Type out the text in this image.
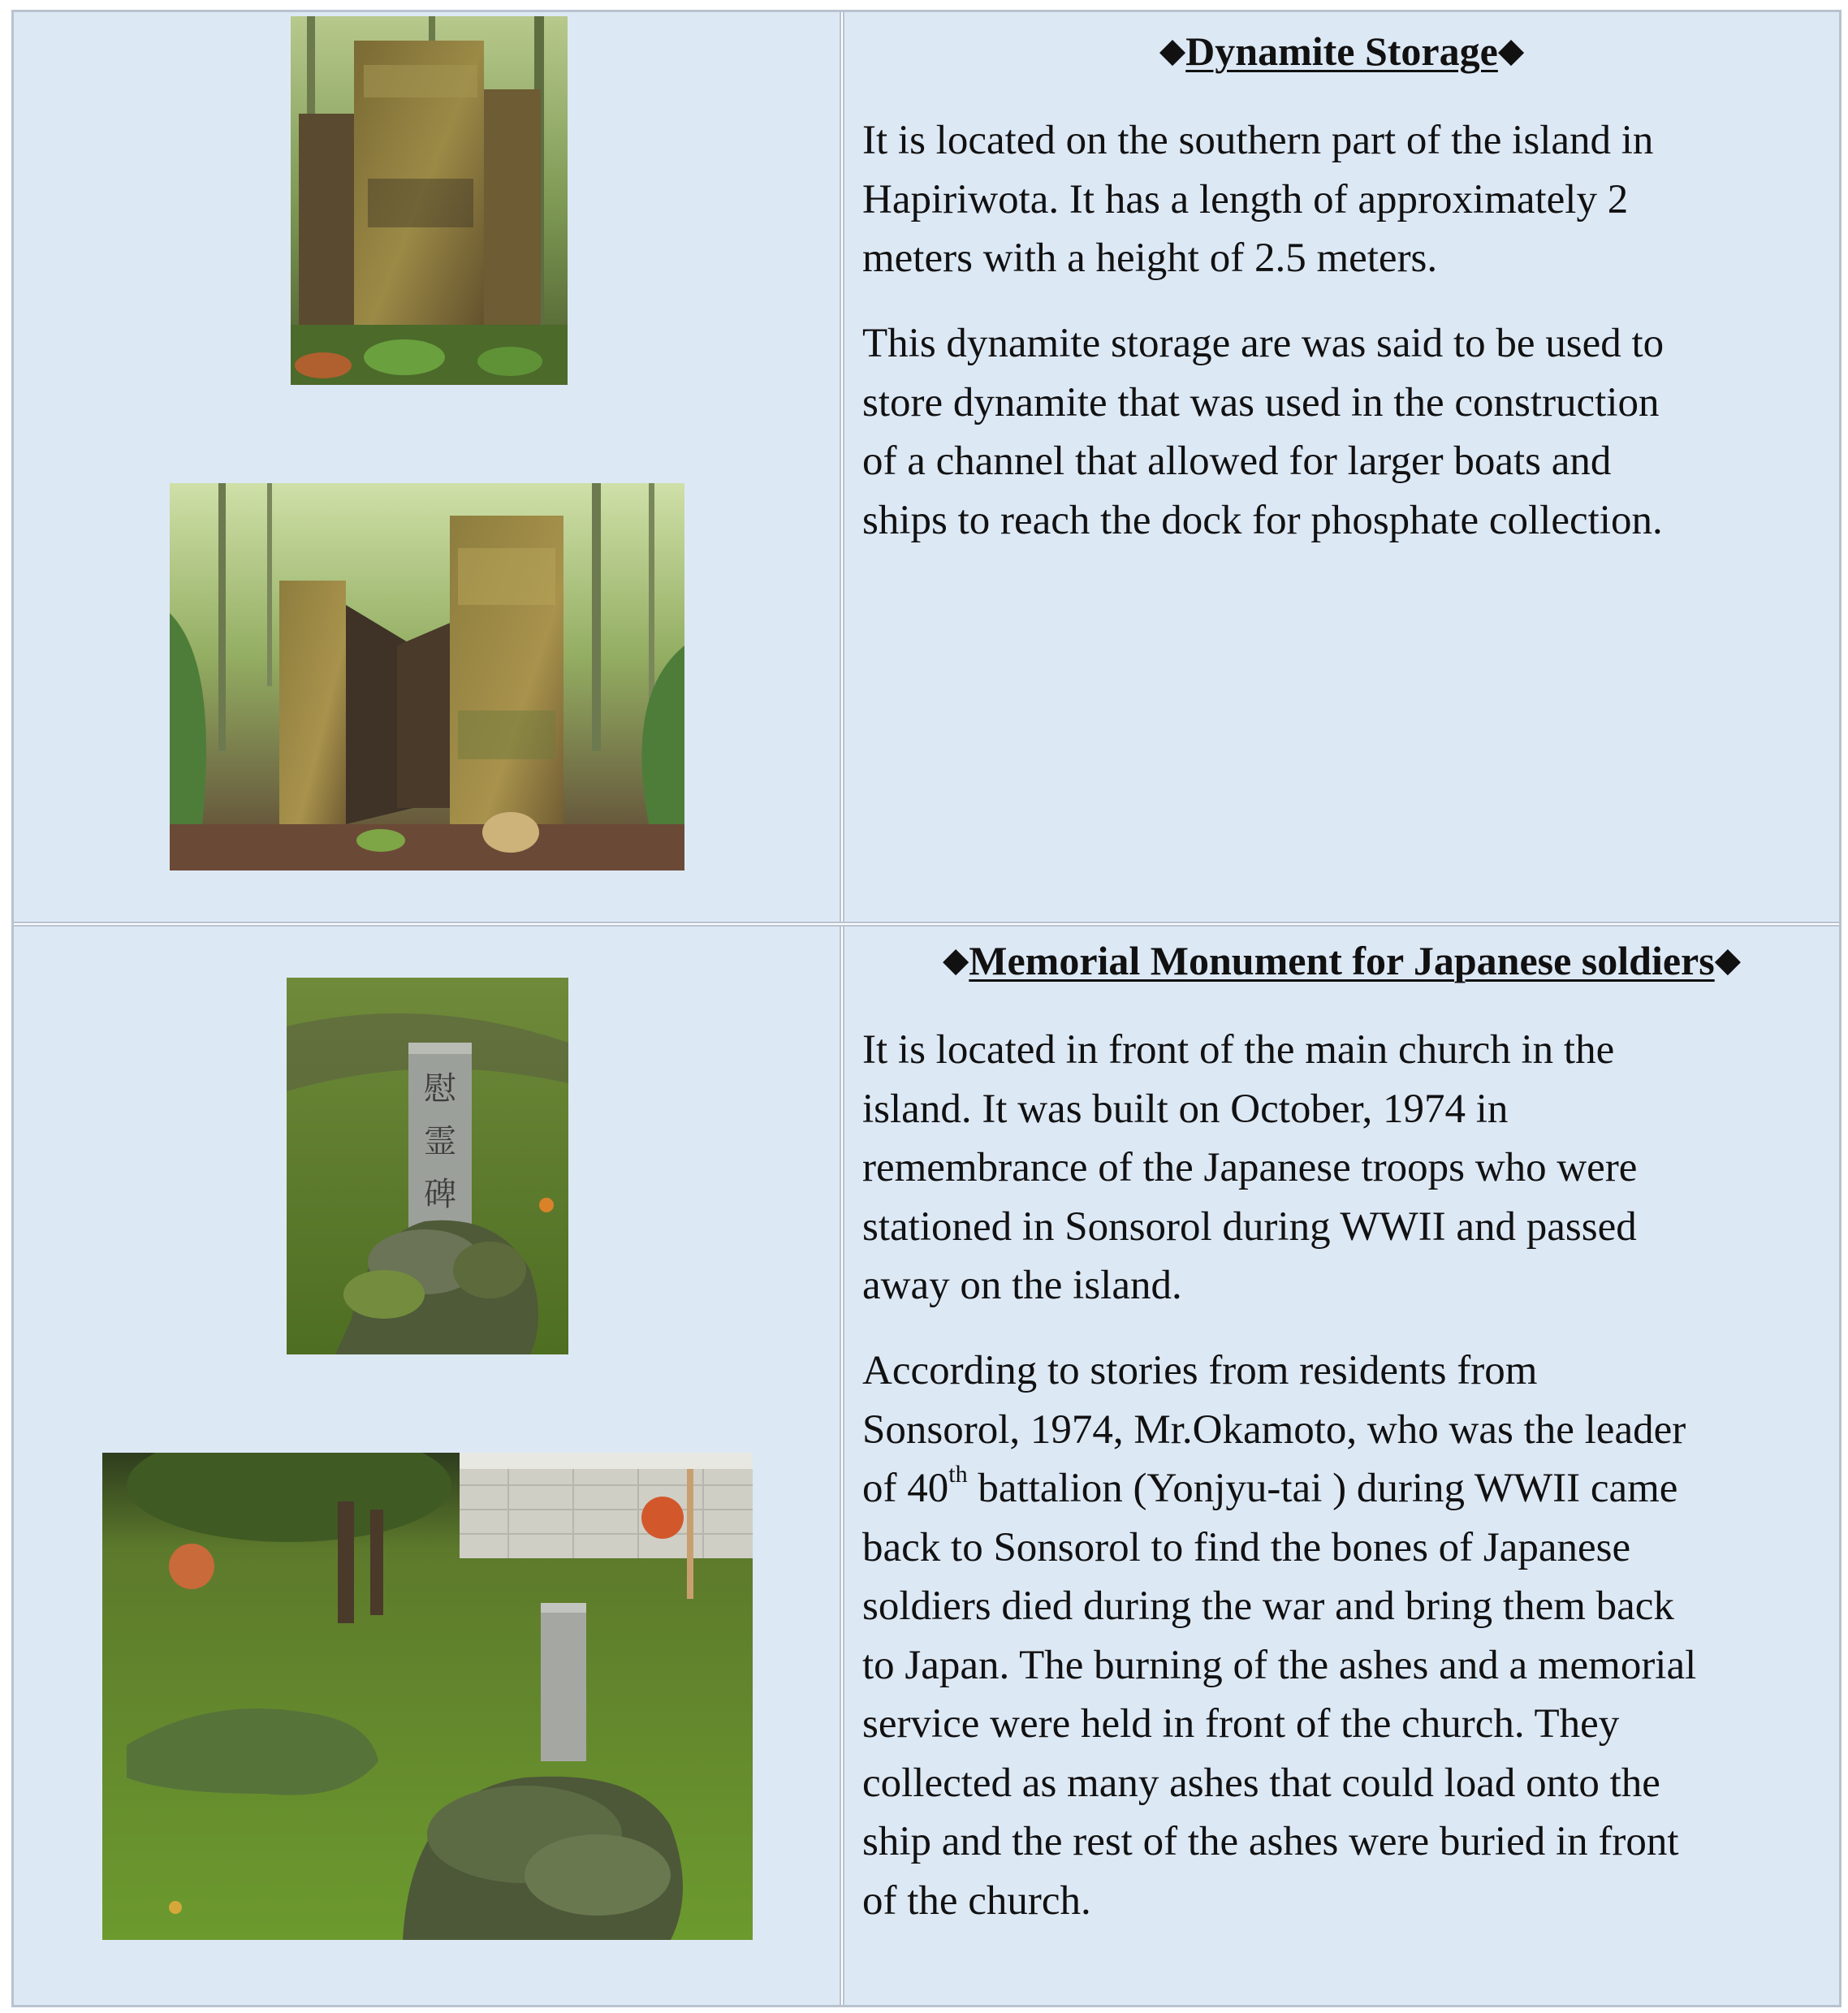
◆Dynamite Storage◆

It is located on the southern part of the island in
Hapiriwota. It has a length of approximately 2
meters with a height of 2.5 meters.

This dynamite storage are was said to be used to
store dynamite that was used in the construction
of a channel that allowed for larger boats and
ships to reach the dock for phosphate collection.

慰
霊
碑
◆Memorial Monument for Japanese soldiers◆

It is located in front of the main church in the
island. It was built on October, 1974 in
remembrance of the Japanese troops who were
stationed in Sonsorol during WWII and passed
away on the island.

According to stories from residents from
Sonsorol, 1974, Mr.Okamoto, who was the leader
of 40th battalion (Yonjyu-tai ) during WWII came
back to Sonsorol to find the bones of Japanese
soldiers died during the war and bring them back
to Japan. The burning of the ashes and a memorial
service were held in front of the church. They
collected as many ashes that could load onto the
ship and the rest of the ashes were buried in front
of the church.
